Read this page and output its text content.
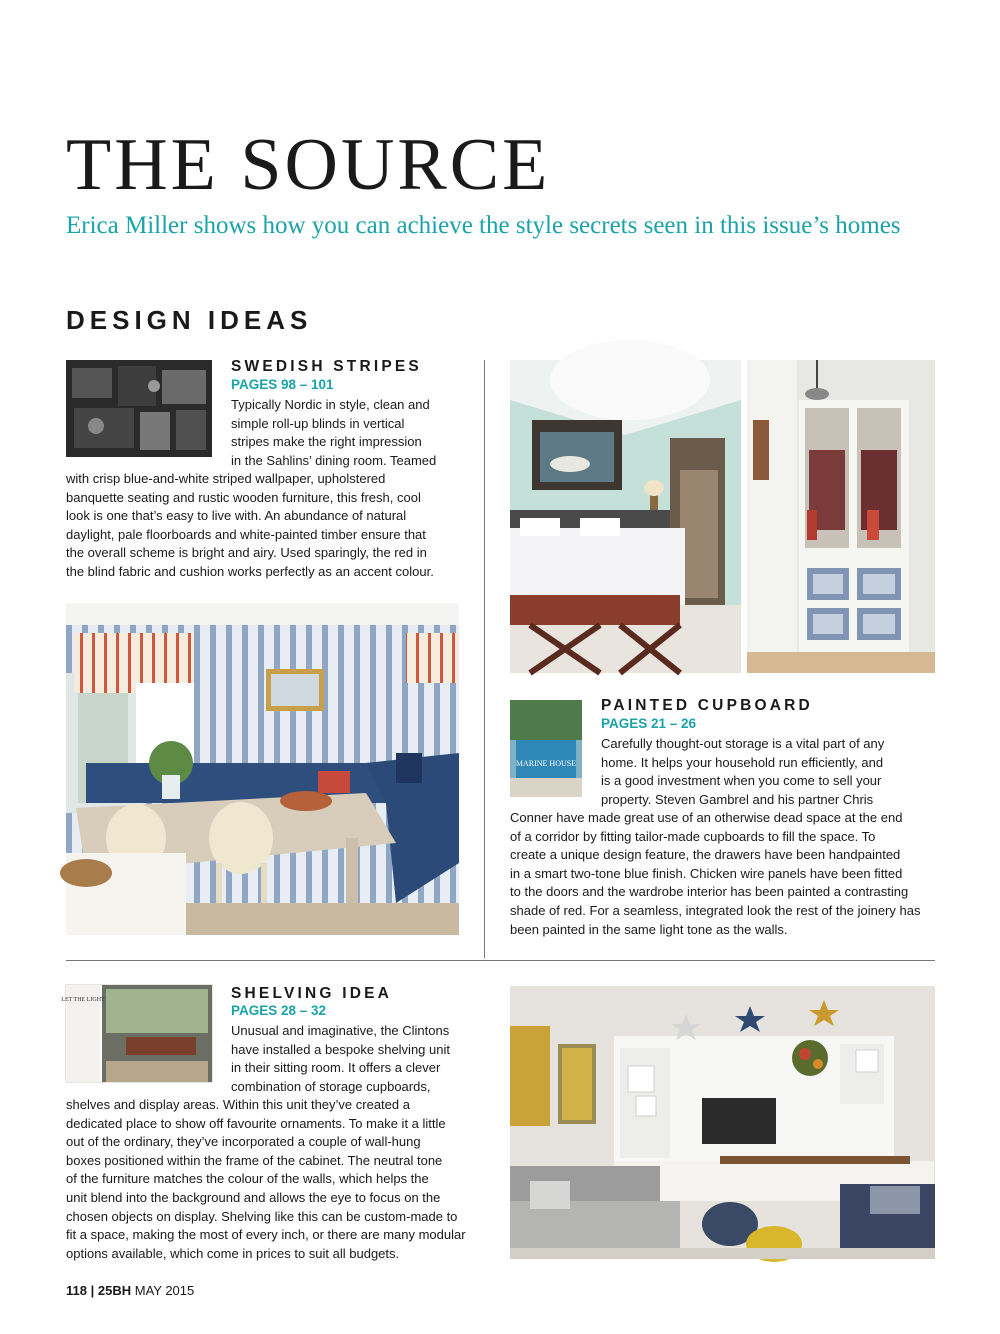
THE SOURCE
Erica Miller shows how you can achieve the style secrets seen in this issue’s homes
DESIGN IDEAS
SWEDISH STRIPES
PAGES 98 – 101
Typically Nordic in style, clean and
simple roll-up blinds in vertical
stripes make the right impression
in the Sahlins’ dining room. Teamed
with crisp blue-and-white striped wallpaper, upholstered
banquette seating and rustic wooden furniture, this fresh, cool
look is one that’s easy to live with. An abundance of natural
daylight, pale floorboards and white-painted timber ensure that
the overall scheme is bright and airy. Used sparingly, the red in
the blind fabric and cushion works perfectly as an accent colour.
MARINE HOUSE
PAINTED CUPBOARD
PAGES 21 – 26
Carefully thought-out storage is a vital part of any
home. It helps your household run efficiently, and
is a good investment when you come to sell your
property. Steven Gambrel and his partner Chris
Conner have made great use of an otherwise dead space at the end
of a corridor by fitting tailor-made cupboards to fill the space. To
create a unique design feature, the drawers have been handpainted
in a smart two-tone blue finish. Chicken wire panels have been fitted
to the doors and the wardrobe interior has been painted a contrasting
shade of red. For a seamless, integrated look the rest of the joinery has
been painted in the same light tone as the walls.
LET THE LIGHT	SHELVING IDEA
PAGES 28 – 32
Unusual and imaginative, the Clintons
have installed a bespoke shelving unit
in their sitting room. It offers a clever
combination of storage cupboards,
shelves and display areas. Within this unit they’ve created a
dedicated place to show off favourite ornaments. To make it a little
out of the ordinary, they’ve incorporated a couple of wall-hung
boxes positioned within the frame of the cabinet. The neutral tone
of the furniture matches the colour of the walls, which helps the
unit blend into the background and allows the eye to focus on the
chosen objects on display. Shelving like this can be custom-made to
fit a space, making the most of every inch, or there are many modular
options available, which come in prices to suit all budgets.
118 | 25BH MAY 2015
